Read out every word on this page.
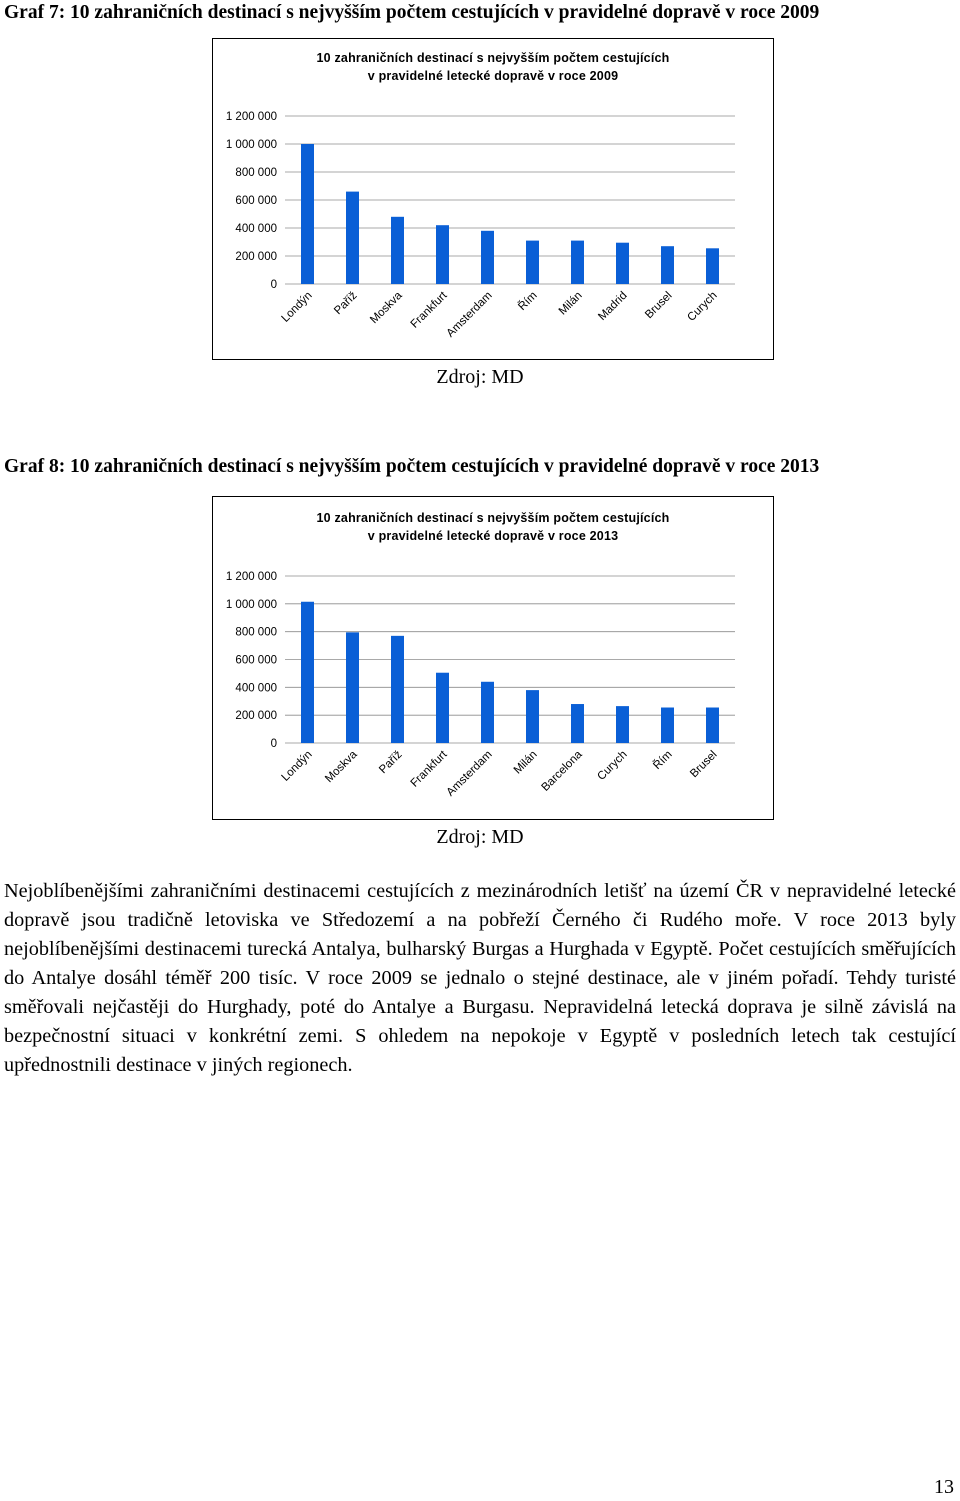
Graf 7: 10 zahraničních destinací s nejvyšším počtem cestujících v pravidelné dopravě v roce 2009
10 zahraničních destinací s nejvyšším počtem cestujících
v pravidelné letecké dopravě v roce 2009
0
200 000
400 000
600 000
800 000
1 000 000
1 200 000
Londýn Paříž Moskva Frankfurt
Amsterdam Řím Milán Madrid Brusel Curych
Zdroj: MD
Graf 8: 10 zahraničních destinací s nejvyšším počtem cestujících v pravidelné dopravě v roce 2013
10 zahraničních destinací s nejvyšším počtem cestujících
v pravidelné letecké dopravě v roce 2013
0
200 000
400 000
600 000
800 000
1 000 000
1 200 000
Londýn Moskva Paříž Frankfurt
Amsterdam Milán Barcelona Curych Řím Brusel
Zdroj: MD
Nejoblíbenějšími zahraničními destinacemi cestujících z mezinárodních letišť na území ČR v nepravidelné letecké dopravě jsou tradičně letoviska ve Středozemí a na pobřeží Černého či Rudého moře. V roce 2013 byly nejoblíbenějšími destinacemi turecká Antalya, bulharský Burgas a Hurghada v Egyptě. Počet cestujících směřujících do Antalye dosáhl téměř 200 tisíc. V roce 2009 se jednalo o stejné destinace, ale v jiném pořadí. Tehdy turisté směřovali nejčastěji do Hurghady, poté do Antalye a Burgasu. Nepravidelná letecká doprava je silně závislá na bezpečnostní situaci v konkrétní zemi. S ohledem na nepokoje v Egyptě v posledních letech tak cestující upřednostnili destinace v jiných regionech.
13
